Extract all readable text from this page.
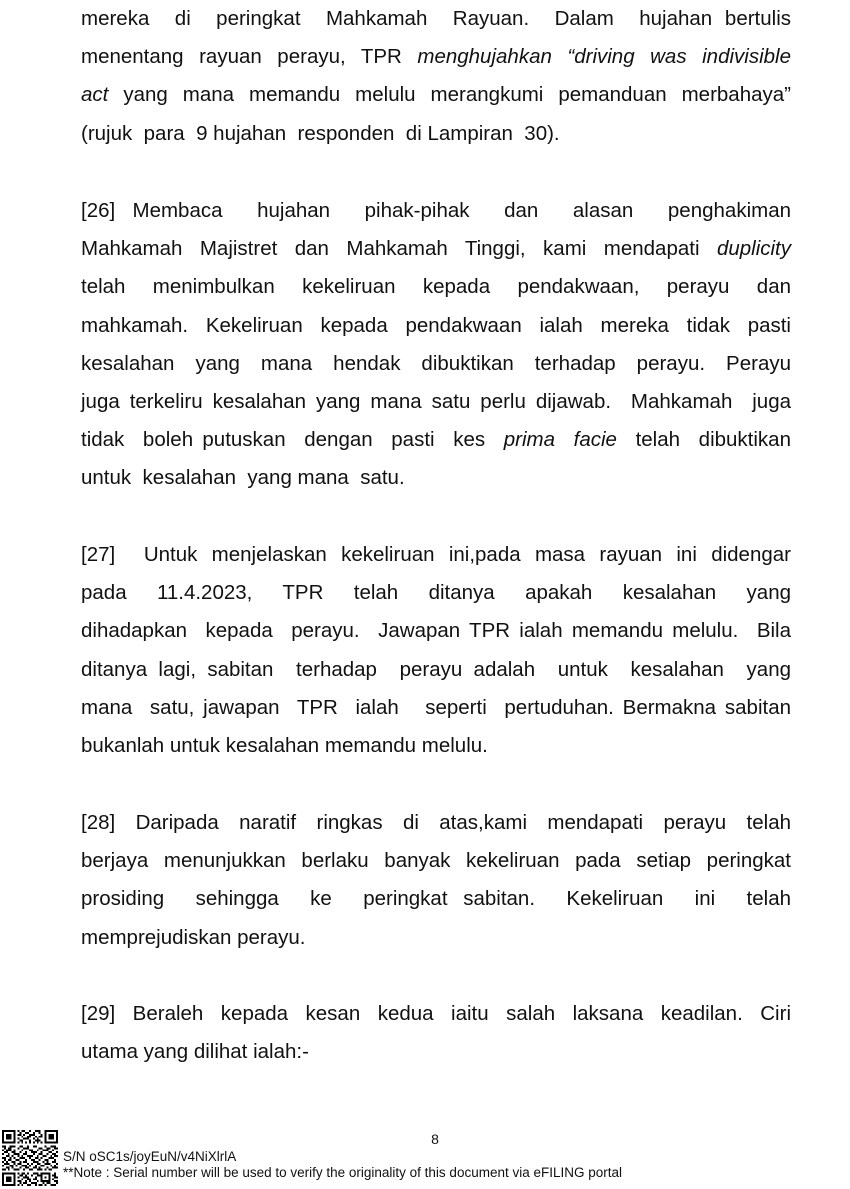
mereka  di  peringkat  Mahkamah  Rayuan.  Dalam  hujahan bertulis
menentang rayuan perayu, TPR menghujahkan “driving was indivisible
act yang mana memandu melulu merangkumi pemanduan merbahaya”
(rujuk  para  9 hujahan  responden  di Lampiran  30).
[26] Membaca  hujahan  pihak-pihak  dan  alasan  penghakiman
Mahkamah Majistret dan Mahkamah Tinggi, kami mendapati duplicity
telah  menimbulkan  kekeliruan  kepada  pendakwaan,  perayu  dan
mahkamah. Kekeliruan kepada pendakwaan ialah mereka tidak pasti
kesalahan  yang  mana  hendak  dibuktikan  terhadap  perayu.  Perayu
juga terkeliru kesalahan yang mana satu perlu dijawab.  Mahkamah  juga
tidak  boleh putuskan  dengan  pasti  kes  prima  facie  telah  dibuktikan
untuk  kesalahan  yang mana  satu.
[27]  Untuk menjelaskan kekeliruan ini,pada masa rayuan ini didengar
pada  11.4.2023,  TPR  telah  ditanya  apakah  kesalahan  yang
dihadapkan  kepada  perayu.  Jawapan TPR ialah memandu melulu.  Bila
ditanya lagi, sabitan  terhadap  perayu adalah  untuk  kesalahan  yang
mana  satu, jawapan  TPR  ialah   seperti  pertuduhan. Bermakna sabitan
bukanlah untuk kesalahan memandu melulu.
[28]  Daripada  naratif  ringkas  di  atas,kami  mendapati  perayu  telah
berjaya menunjukkan berlaku banyak kekeliruan pada setiap peringkat
prosiding  sehingga  ke  peringkat sabitan.  Kekeliruan  ini  telah
memprejudiskan perayu.
[29]  Beraleh  kepada  kesan  kedua  iaitu  salah  laksana  keadilan.  Ciri
utama yang dilihat ialah:-
8
S/N oSC1s/joyEuN/v4NiXlrlA
**Note : Serial number will be used to verify the originality of this document via eFILING portal
